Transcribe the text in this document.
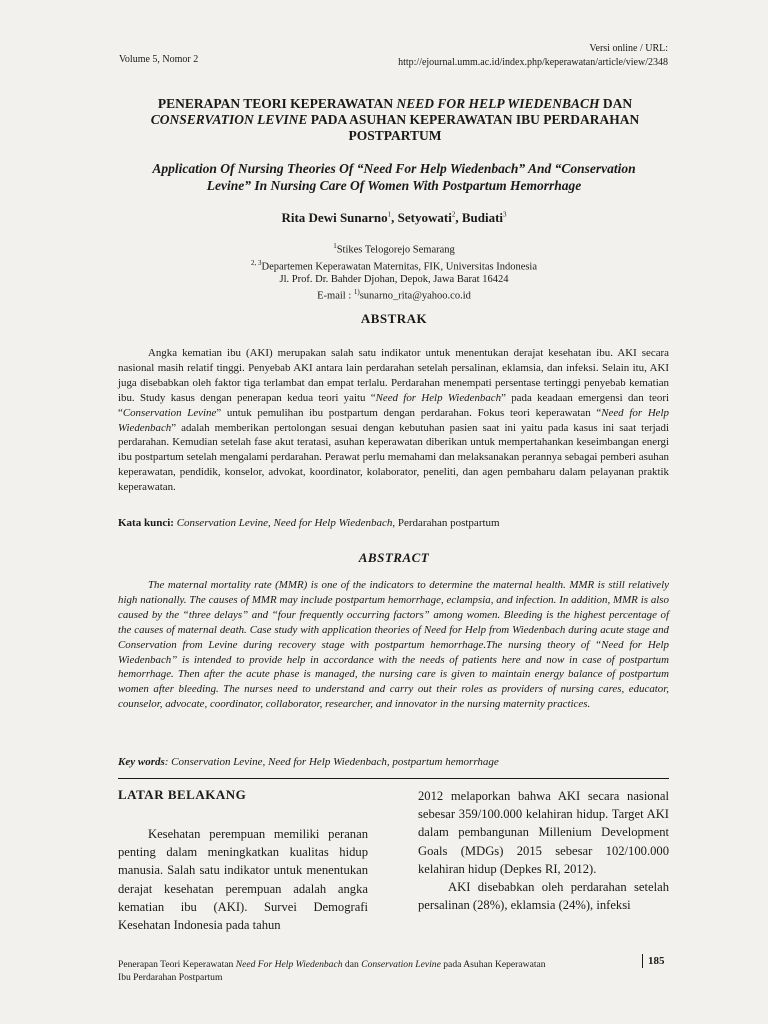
Volume 5, Nomor 2
Versi online / URL:
http://ejournal.umm.ac.id/index.php/keperawatan/article/view/2348
PENERAPAN TEORI KEPERAWATAN NEED FOR HELP WIEDENBACH DAN
CONSERVATION LEVINE PADA ASUHAN KEPERAWATAN IBU PERDARAHAN
POSTPARTUM
Application Of Nursing Theories Of “Need For Help Wiedenbach” And “Conservation
Levine” In Nursing Care Of Women With Postpartum Hemorrhage
Rita Dewi Sunarno$^1$, Setyowati$^2$, Budiati$^3$
$^1$Stikes Telogorejo Semarang
$^{2, 3}$Departemen Keperawatan Maternitas, FIK, Universitas Indonesia
Jl. Prof. Dr. Bahder Djohan, Depok, Jawa Barat 16424
E-mail : $^{1)}$sunarno_rita@yahoo.co.id
ABSTRAK

Angka kematian ibu (AKI) merupakan salah satu indikator untuk menentukan derajat kesehatan ibu. AKI secara nasional masih relatif tinggi. Penyebab AKI antara lain perdarahan setelah persalinan, eklamsia, dan infeksi. Selain itu, AKI juga disebabkan oleh faktor tiga terlambat dan empat terlalu. Perdarahan menempati persentase tertinggi penyebab kematian ibu. Study kasus dengan penerapan kedua teori yaitu “Need for Help Wiedenbach” pada keadaan emergensi dan teori “Conservation Levine” untuk pemulihan ibu postpartum dengan perdarahan. Fokus teori keperawatan “Need for Help Wiedenbach” adalah memberikan pertolongan sesuai dengan kebutuhan pasien saat ini yaitu pada kasus ini saat terjadi perdarahan. Kemudian setelah fase akut teratasi, asuhan keperawatan diberikan untuk mempertahankan keseimbangan energi ibu postpartum setelah mengalami perdarahan. Perawat perlu memahami dan melaksanakan perannya sebagai pemberi asuhan keperawatan, pendidik, konselor, advokat, koordinator, kolaborator, peneliti, dan agen pembaharu dalam pelayanan praktik keperawatan.

Kata kunci: Conservation Levine, Need for Help Wiedenbach, Perdarahan postpartum
ABSTRACT

The maternal mortality rate (MMR) is one of the indicators to determine the maternal health. MMR is still relatively high nationally. The causes of MMR may include postpartum hemorrhage, eclampsia, and infection. In addition, MMR is also caused by the “three delays” and “four frequently occurring factors” among women. Bleeding is the highest percentage of the causes of maternal death. Case study with application theories of Need for Help from Wiedenbach during acute stage and Conservation from Levine during recovery stage with postpartum hemorrhage.The nursing theory of “Need for Help Wiedenbach” is intended to provide help in accordance with the needs of patients here and now in case of postpartum hemorrhage. Then after the acute phase is managed, the nursing care is given to maintain energy balance of postpartum women after bleeding. The nurses need to understand and carry out their roles as providers of nursing cares, educator, counselor, advocate, coordinator, collaborator, researcher, and innovator in the nursing maternity practices.

Key words: Conservation Levine, Need for Help Wiedenbach, postpartum hemorrhage
LATAR BELAKANG

Kesehatan perempuan memiliki peranan penting dalam meningkatkan kualitas hidup manusia. Salah satu indikator untuk menentukan derajat kesehatan perempuan adalah angka kematian ibu (AKI). Survei Demografi Kesehatan Indonesia pada tahun

2012 melaporkan bahwa AKI secara nasional sebesar 359/100.000 kelahiran hidup. Target AKI dalam pembangunan Millenium Development Goals (MDGs) 2015 sebesar 102/100.000 kelahiran hidup (Depkes RI, 2012).

AKI disebabkan oleh perdarahan setelah persalinan (28%), eklamsia (24%), infeksi

Penerapan Teori Keperawatan Need For Help Wiedenbach dan Conservation Levine pada Asuhan Keperawatan
Ibu Perdarahan Postpartum
185
